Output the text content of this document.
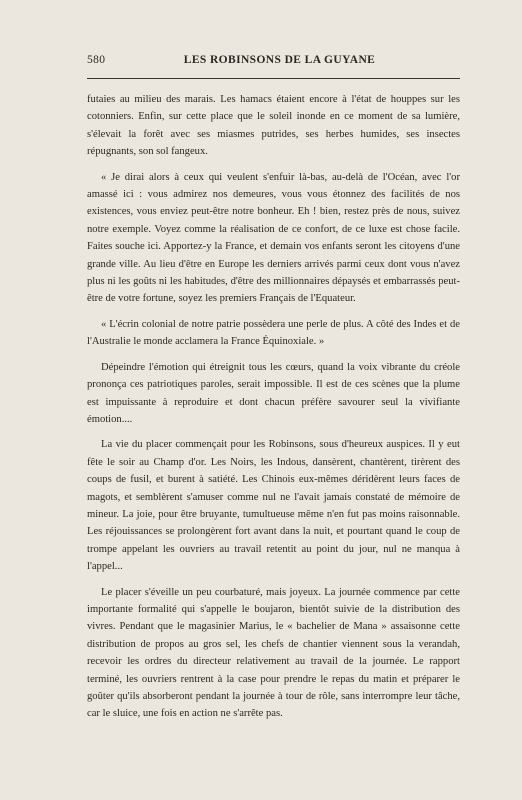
580	LES ROBINSONS DE LA GUYANE

futaies au milieu des marais. Les hamacs étaient encore à l'état de houppes sur les cotonniers. Enfin, sur cette place que le soleil inonde en ce moment de sa lumière, s'élevait la forêt avec ses miasmes putrides, ses herbes humides, ses insectes répugnants, son sol fangeux.

« Je dirai alors à ceux qui veulent s'enfuir là-bas, au-delà de l'Océan, avec l'or amassé ici : vous admirez nos demeures, vous vous étonnez des facilités de nos existences, vous enviez peut-être notre bonheur. Eh ! bien, restez près de nous, suivez notre exemple. Voyez comme la réalisation de ce confort, de ce luxe est chose facile. Faites souche ici. Apportez-y la France, et demain vos enfants seront les citoyens d'une grande ville. Au lieu d'être en Europe les derniers arrivés parmi ceux dont vous n'avez plus ni les goûts ni les habitudes, d'être des millionnaires dépaysés et embarrassés peut-être de votre fortune, soyez les premiers Français de l'Equateur.

« L'écrin colonial de notre patrie possèdera une perle de plus. A côté des Indes et de l'Australie le monde acclamera la France Équinoxiale. »

Dépeindre l'émotion qui étreignit tous les cœurs, quand la voix vibrante du créole prononça ces patriotiques paroles, serait impossible. Il est de ces scènes que la plume est impuissante à reproduire et dont chacun préfère savourer seul la vivifiante émotion....

La vie du placer commençait pour les Robinsons, sous d'heureux auspices. Il y eut fête le soir au Champ d'or. Les Noirs, les Indous, dansèrent, chantèrent, tirèrent des coups de fusil, et burent à satiété. Les Chinois eux-mêmes déridèrent leurs faces de magots, et semblèrent s'amuser comme nul ne l'avait jamais constaté de mémoire de mineur. La joie, pour être bruyante, tumultueuse même n'en fut pas moins raisonnable. Les réjouissances se prolongèrent fort avant dans la nuit, et pourtant quand le coup de trompe appelant les ouvriers au travail retentit au point du jour, nul ne manqua à l'appel...

Le placer s'éveille un peu courbaturé, mais joyeux. La journée commence par cette importante formalité qui s'appelle le boujaron, bientôt suivie de la distribution des vivres. Pendant que le magasinier Marius, le « bachelier de Mana » assaisonne cette distribution de propos au gros sel, les chefs de chantier viennent sous la verandah, recevoir les ordres du directeur relativement au travail de la journée. Le rapport terminé, les ouvriers rentrent à la case pour prendre le repas du matin et préparer le goûter qu'ils absorberont pendant la journée à tour de rôle, sans interrompre leur tâche, car le sluice, une fois en action ne s'arrête pas.
